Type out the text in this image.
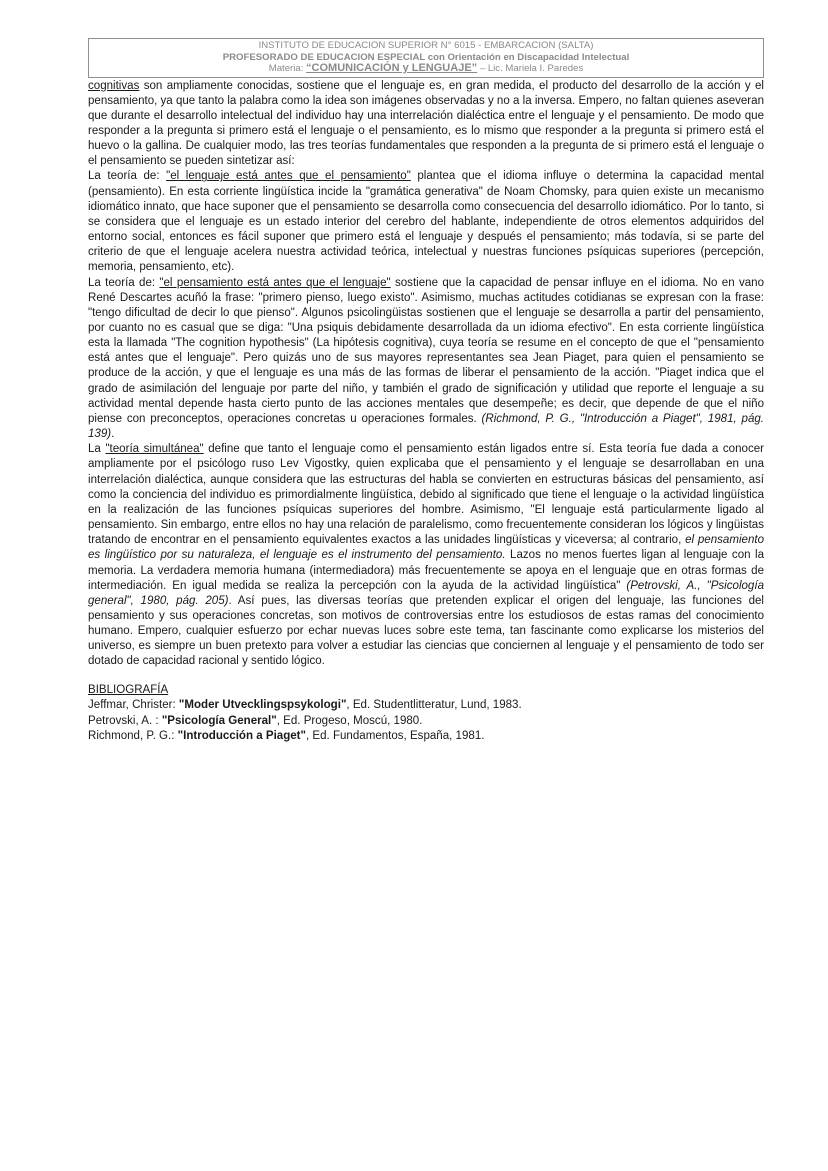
INSTITUTO DE EDUCACION SUPERIOR N° 6015 - EMBARCACION (SALTA)
PROFESORADO DE EDUCACION ESPECIAL con Orientación en Discapacidad Intelectual
Materia: “COMUNICACIÓN y LENGUAJE” – Lic. Mariela I. Paredes

cognitivas son ampliamente conocidas, sostiene que el lenguaje es, en gran medida, el producto del desarrollo de la acción y el pensamiento, ya que tanto la palabra como la idea son imágenes observadas y no a la inversa. Empero, no faltan quienes aseveran que durante el desarrollo intelectual del individuo hay una interrelación dialéctica entre el lenguaje y el pensamiento. De modo que responder a la pregunta si primero está el lenguaje o el pensamiento, es lo mismo que responder a la pregunta si primero está el huevo o la gallina. De cualquier modo, las tres teorías fundamentales que responden a la pregunta de si primero está el lenguaje o el pensamiento se pueden sintetizar así:

La teoría de: "el lenguaje está antes que el pensamiento" plantea que el idioma influye o determina la capacidad mental (pensamiento). En esta corriente lingüística incide la "gramática generativa" de Noam Chomsky, para quien existe un mecanismo idiomático innato, que hace suponer que el pensamiento se desarrolla como consecuencia del desarrollo idiomático. Por lo tanto, si se considera que el lenguaje es un estado interior del cerebro del hablante, independiente de otros elementos adquiridos del entorno social, entonces es fácil suponer que primero está el lenguaje y después el pensamiento; más todavía, si se parte del criterio de que el lenguaje acelera nuestra actividad teórica, intelectual y nuestras funciones psíquicas superiores (percepción, memoria, pensamiento, etc).

La teoría de: "el pensamiento está antes que el lenguaje" sostiene que la capacidad de pensar influye en el idioma. No en vano René Descartes acuñó la frase: "primero pienso, luego existo". Asimismo, muchas actitudes cotidianas se expresan con la frase: "tengo dificultad de decir lo que pienso". Algunos psicolingüistas sostienen que el lenguaje se desarrolla a partir del pensamiento, por cuanto no es casual que se diga: "Una psiquis debidamente desarrollada da un idioma efectivo". En esta corriente lingüística esta la llamada "The cognition hypothesis" (La hipótesis cognitiva), cuya teoría se resume en el concepto de que el "pensamiento está antes que el lenguaje". Pero quizás uno de sus mayores representantes sea Jean Piaget, para quien el pensamiento se produce de la acción, y que el lenguaje es una más de las formas de liberar el pensamiento de la acción. "Piaget indica que el grado de asimilación del lenguaje por parte del niño, y también el grado de significación y utilidad que reporte el lenguaje a su actividad mental depende hasta cierto punto de las acciones mentales que desempeñe; es decir, que depende de que el niño piense con preconceptos, operaciones concretas u operaciones formales. (Richmond, P. G., "Introducción a Piaget", 1981, pág. 139).

La "teoría simultánea" define que tanto el lenguaje como el pensamiento están ligados entre sí. Esta teoría fue dada a conocer ampliamente por el psicólogo ruso Lev Vigostky, quien explicaba que el pensamiento y el lenguaje se desarrollaban en una interrelación dialéctica, aunque considera que las estructuras del habla se convierten en estructuras básicas del pensamiento, así como la conciencia del individuo es primordialmente lingüística, debido al significado que tiene el lenguaje o la actividad lingüística en la realización de las funciones psíquicas superiores del hombre. Asimismo, "El lenguaje está particularmente ligado al pensamiento. Sin embargo, entre ellos no hay una relación de paralelismo, como frecuentemente consideran los lógicos y lingüistas tratando de encontrar en el pensamiento equivalentes exactos a las unidades lingüísticas y viceversa; al contrario, el pensamiento es lingüístico por su naturaleza, el lenguaje es el instrumento del pensamiento. Lazos no menos fuertes ligan al lenguaje con la memoria. La verdadera memoria humana (intermediadora) más frecuentemente se apoya en el lenguaje que en otras formas de intermediación. En igual medida se realiza la percepción con la ayuda de la actividad lingüística" (Petrovski, A., "Psicología general", 1980, pág. 205). Así pues, las diversas teorías que pretenden explicar el origen del lenguaje, las funciones del pensamiento y sus operaciones concretas, son motivos de controversias entre los estudiosos de estas ramas del conocimiento humano. Empero, cualquier esfuerzo por echar nuevas luces sobre este tema, tan fascinante como explicarse los misterios del universo, es siempre un buen pretexto para volver a estudiar las ciencias que conciernen al lenguaje y el pensamiento de todo ser dotado de capacidad racional y sentido lógico.

BIBLIOGRAFÍA
Jeffmar, Christer: "Moder Utvecklingspsykologi", Ed. Studentlitteratur, Lund, 1983.
Petrovski, A. : "Psicología General", Ed. Progeso, Moscú, 1980.
Richmond, P. G.: "Introducción a Piaget", Ed. Fundamentos, España, 1981.
